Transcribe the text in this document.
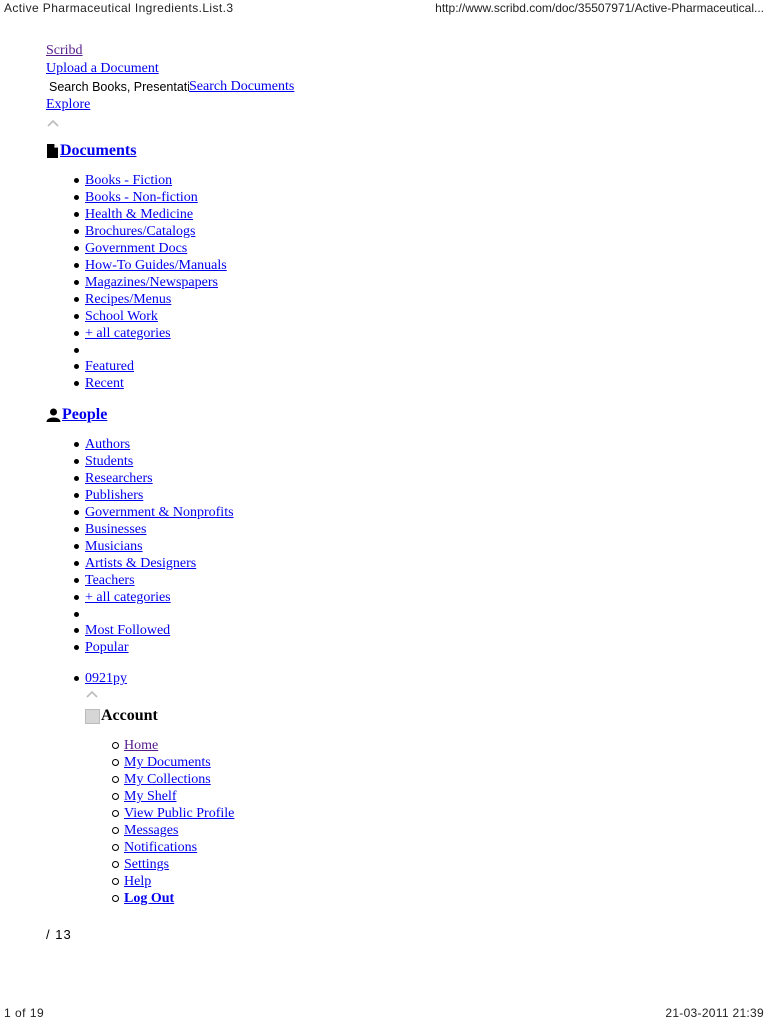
Active Pharmaceutical Ingredients.List.3	http://www.scribd.com/doc/35507971/Active-Pharmaceutical...
Scribd
Upload a Document
Search Books, Presentations, Business, Academics...
Search Documents
Explore
Documents
Books - Fiction
Books - Non-fiction
Health & Medicine
Brochures/Catalogs
Government Docs
How-To Guides/Manuals
Magazines/Newspapers
Recipes/Menus
School Work
+ all categories
Featured
Recent
People
Authors
Students
Researchers
Publishers
Government & Nonprofits
Businesses
Musicians
Artists & Designers
Teachers
+ all categories
Most Followed
Popular
0921py
Account
Home
My Documents
My Collections
My Shelf
View Public Profile
Messages
Notifications
Settings
Help
Log Out
/ 13
1 of 19	21-03-2011 21:39
